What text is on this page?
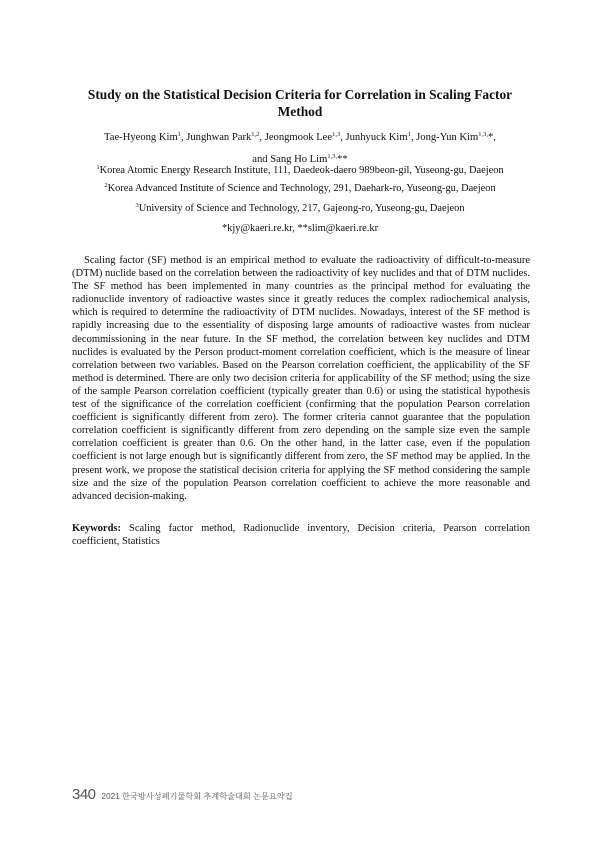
Study on the Statistical Decision Criteria for Correlation in Scaling Factor Method
Tae-Hyeong Kim$^1$, Junghwan Park$^{1,2}$, Jeongmook Lee$^{1,3}$, Junhyuck Kim$^1$, Jong-Yun Kim$^{1,3,}$*,
and Sang Ho Lim$^{1,3,}$**
$^1$Korea Atomic Energy Research Institute, 111, Daedeok-daero 989beon-gil, Yuseong-gu, Daejeon
$^2$Korea Advanced Institute of Science and Technology, 291, Daehark-ro, Yuseong-gu, Daejeon
$^3$University of Science and Technology, 217, Gajeong-ro, Yuseong-gu, Daejeon
*kjy@kaeri.re.kr, **slim@kaeri.re.kr

Scaling factor (SF) method is an empirical method to evaluate the radioactivity of difficult-to-measure (DTM) nuclide based on the correlation between the radioactivity of key nuclides and that of DTM nuclides. The SF method has been implemented in many countries as the principal method for evaluating the radionuclide inventory of radioactive wastes since it greatly reduces the complex radiochemical analysis, which is required to determine the radioactivity of DTM nuclides. Nowadays, interest of the SF method is rapidly increasing due to the essentiality of disposing large amounts of radioactive wastes from nuclear decommissioning in the near future. In the SF method, the correlation between key nuclides and DTM nuclides is evaluated by the Person product-moment correlation coefficient, which is the measure of linear correlation between two variables. Based on the Pearson correlation coefficient, the applicability of the SF method is determined. There are only two decision criteria for applicability of the SF method; using the size of the sample Pearson correlation coefficient (typically greater than 0.6) or using the statistical hypothesis test of the significance of the correlation coefficient (confirming that the population Pearson correlation coefficient is significantly different from zero). The former criteria cannot guarantee that the population correlation coefficient is significantly different from zero depending on the sample size even the sample correlation coefficient is greater than 0.6. On the other hand, in the latter case, even if the population coefficient is not large enough but is significantly different from zero, the SF method may be applied. In the present work, we propose the statistical decision criteria for applying the SF method considering the sample size and the size of the population Pearson correlation coefficient to achieve the more reasonable and advanced decision-making.

Keywords: Scaling factor method, Radionuclide inventory, Decision criteria, Pearson correlation coefficient, Statistics

340 2021 한국방사성폐기물학회 추계학술대회 논문요약집
